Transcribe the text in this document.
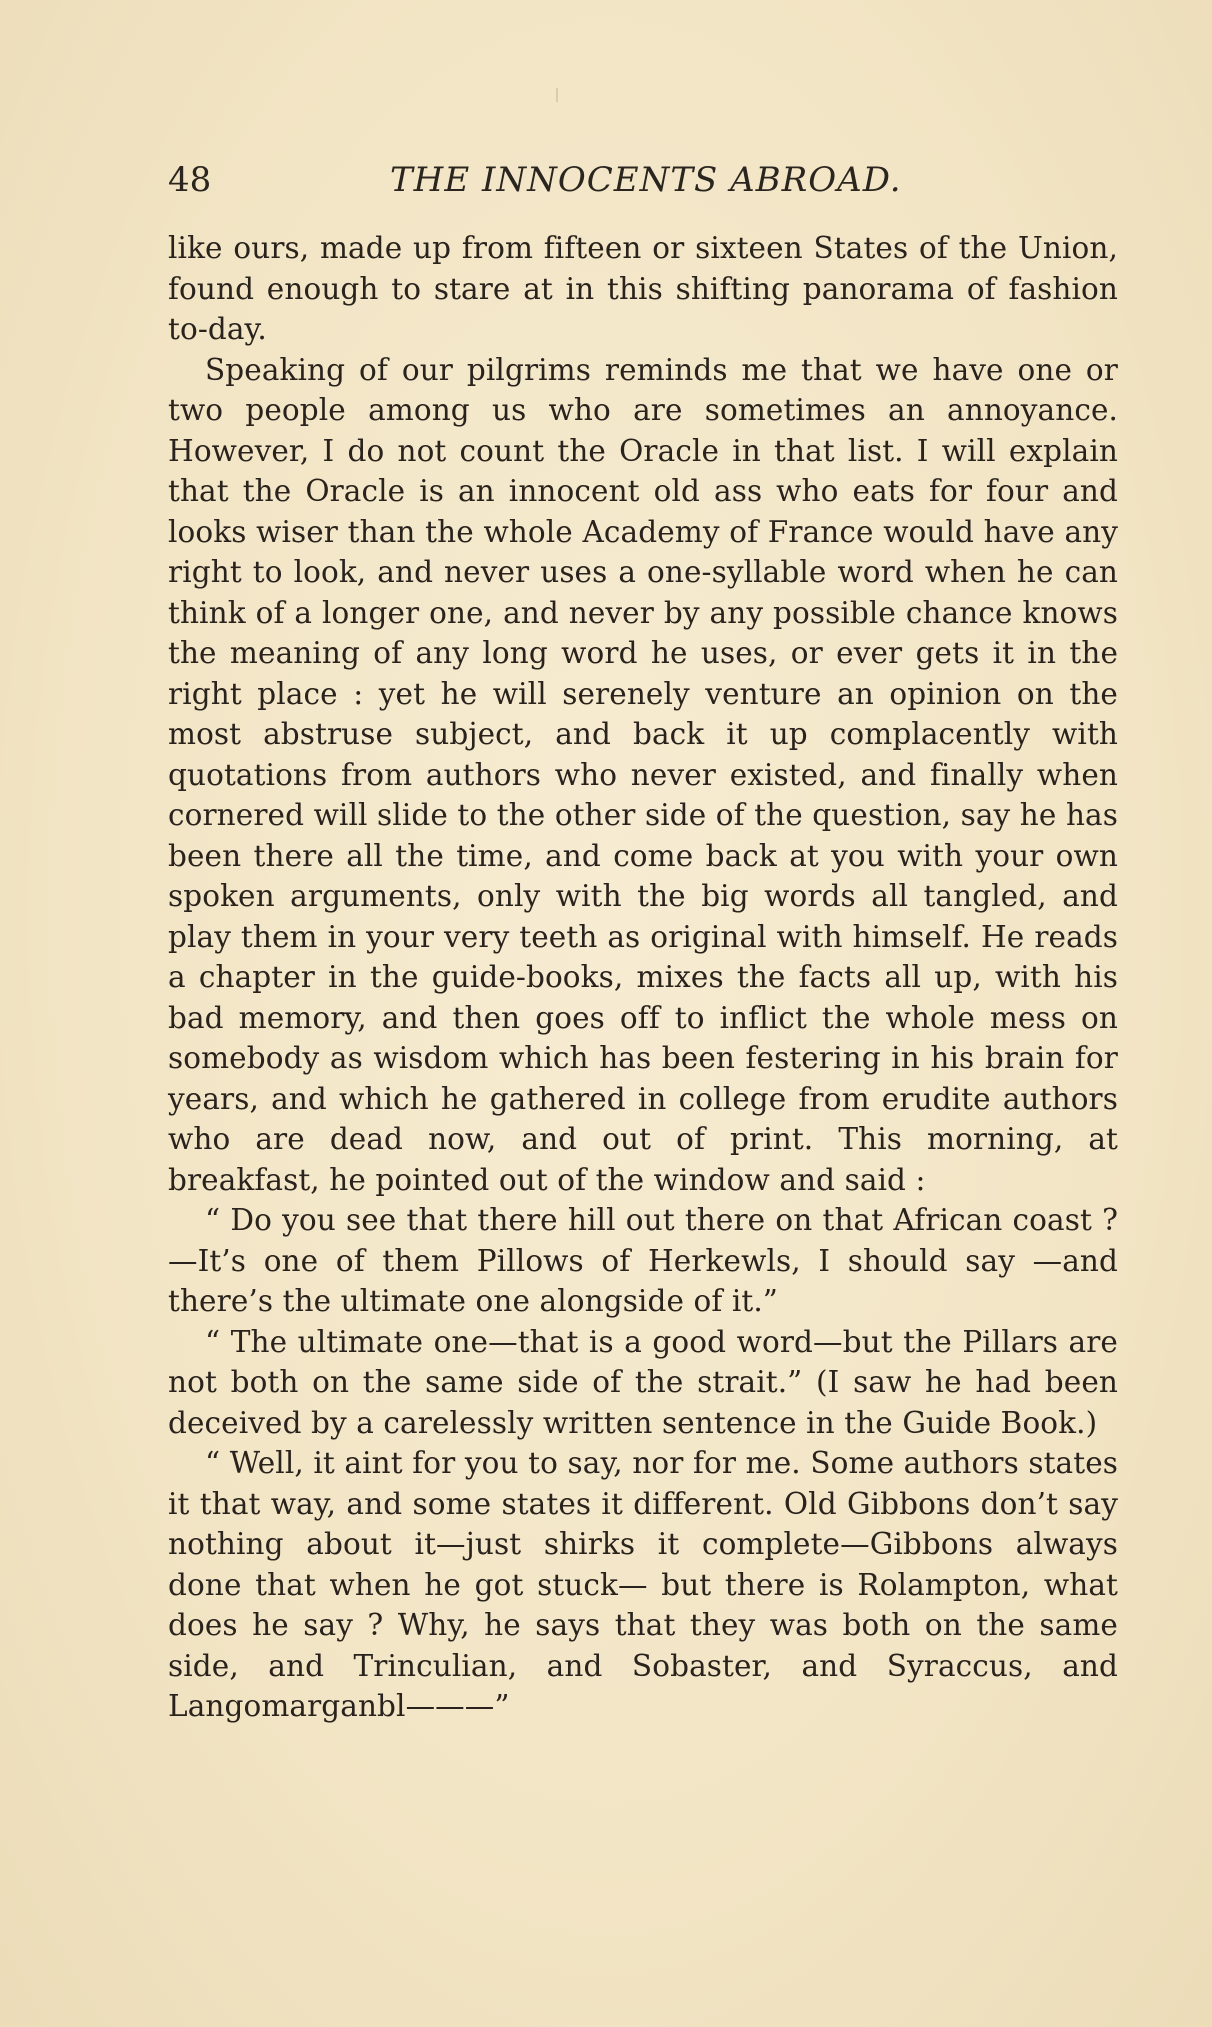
48	THE INNOCENTS ABROAD.

like ours, made up from fifteen or sixteen States of the Union, found enough to stare at in this shifting panorama of fashion to-day.

Speaking of our pilgrims reminds me that we have one or two people among us who are sometimes an annoyance. However, I do not count the Oracle in that list. I will explain that the Oracle is an innocent old ass who eats for four and looks wiser than the whole Academy of France would have any right to look, and never uses a one-syllable word when he can think of a longer one, and never by any possible chance knows the meaning of any long word he uses, or ever gets it in the right place : yet he will serenely venture an opinion on the most abstruse subject, and back it up complacently with quotations from authors who never existed, and finally when cornered will slide to the other side of the question, say he has been there all the time, and come back at you with your own spoken arguments, only with the big words all tangled, and play them in your very teeth as original with himself. He reads a chapter in the guide-books, mixes the facts all up, with his bad memory, and then goes off to inflict the whole mess on somebody as wisdom which has been festering in his brain for years, and which he gathered in college from erudite authors who are dead now, and out of print. This morning, at breakfast, he pointed out of the window and said :

“ Do you see that there hill out there on that African coast ?—It’s one of them Pillows of Herkewls, I should say —and there’s the ultimate one alongside of it.”

“ The ultimate one—that is a good word—but the Pillars are not both on the same side of the strait.” (I saw he had been deceived by a carelessly written sentence in the Guide Book.)

“ Well, it aint for you to say, nor for me. Some authors states it that way, and some states it different. Old Gibbons don’t say nothing about it—just shirks it complete—Gibbons always done that when he got stuck— but there is Rolampton, what does he say ? Why, he says that they was both on the same side, and Trinculian, and Sobaster, and Syraccus, and Langomarganbl———”
